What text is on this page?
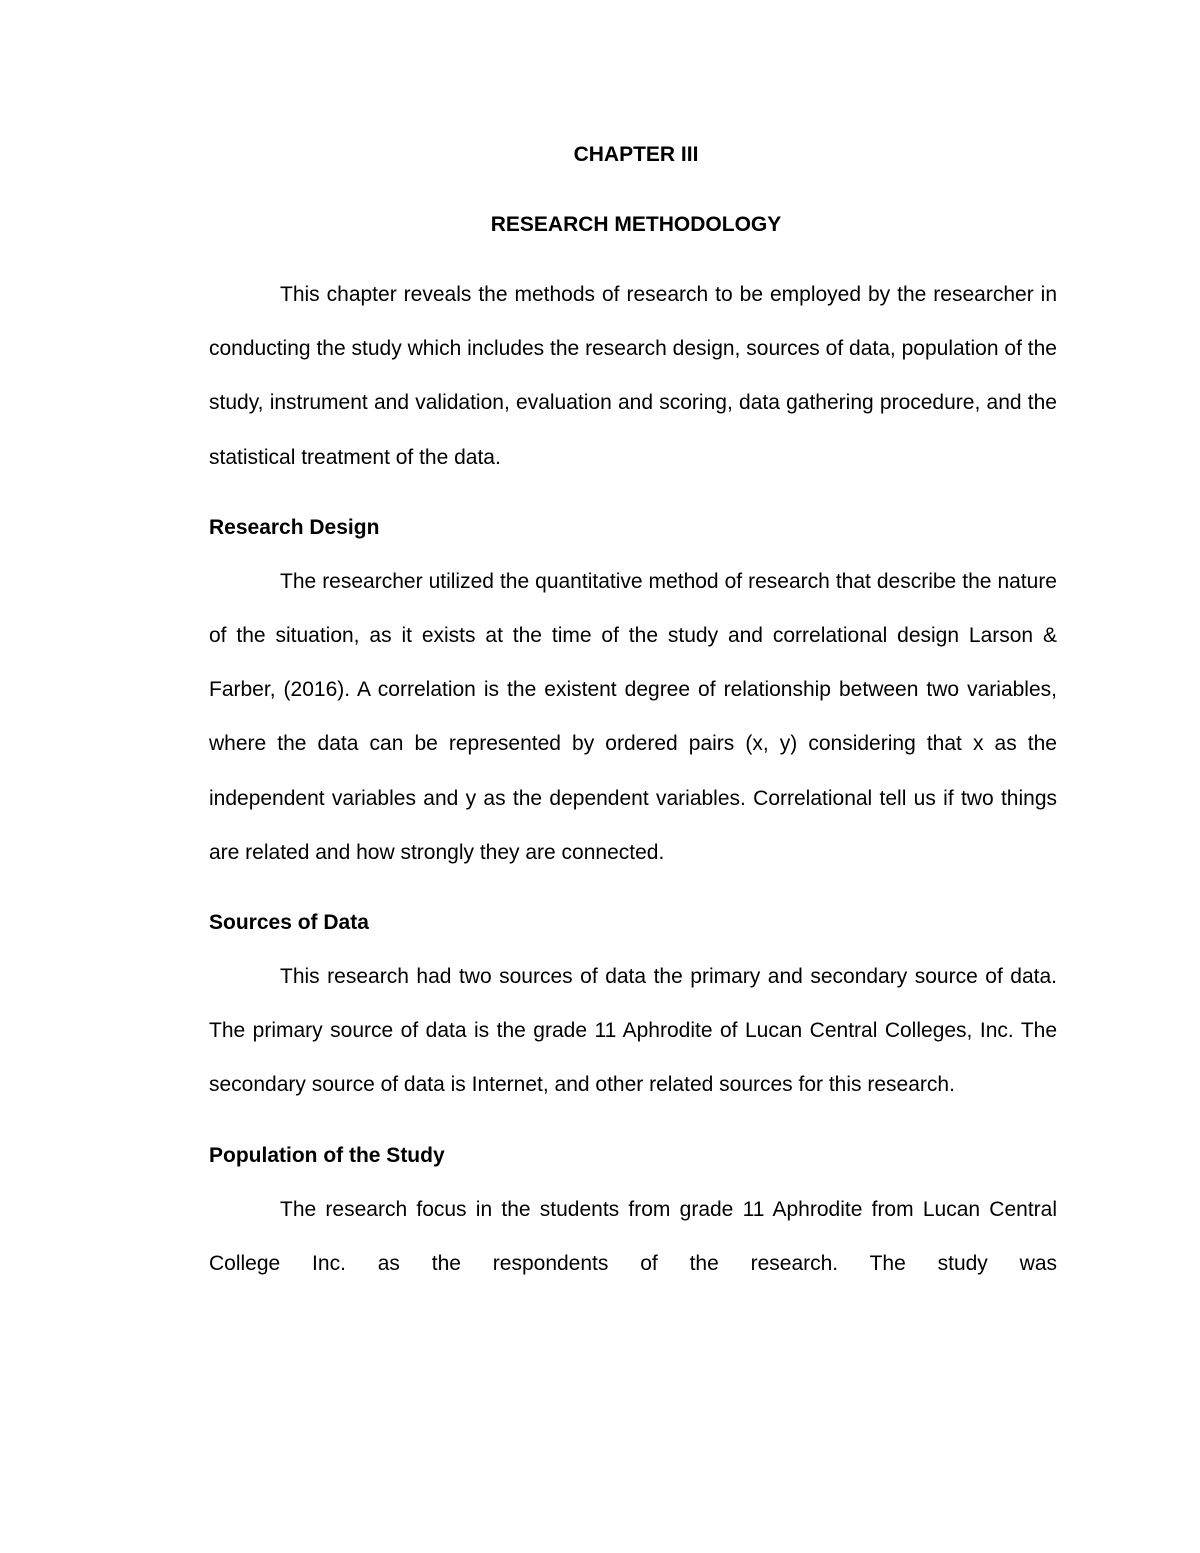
CHAPTER III
RESEARCH METHODOLOGY

This chapter reveals the methods of research to be employed by the researcher in conducting the study which includes the research design, sources of data, population of the study, instrument and validation, evaluation and scoring, data gathering procedure, and the statistical treatment of the data.

Research Design

The researcher utilized the quantitative method of research that describe the nature of the situation, as it exists at the time of the study and correlational design Larson & Farber, (2016). A correlation is the existent degree of relationship between two variables, where the data can be represented by ordered pairs (x, y) considering that x as the independent variables and y as the dependent variables. Correlational tell us if two things are related and how strongly they are connected.

Sources of Data

This research had two sources of data the primary and secondary source of data. The primary source of data is the grade 11 Aphrodite of Lucan Central Colleges, Inc. The secondary source of data is Internet, and other related sources for this research.

Population of the Study

The research focus in the students from grade 11 Aphrodite from Lucan Central College Inc. as the respondents of the research. The study was
